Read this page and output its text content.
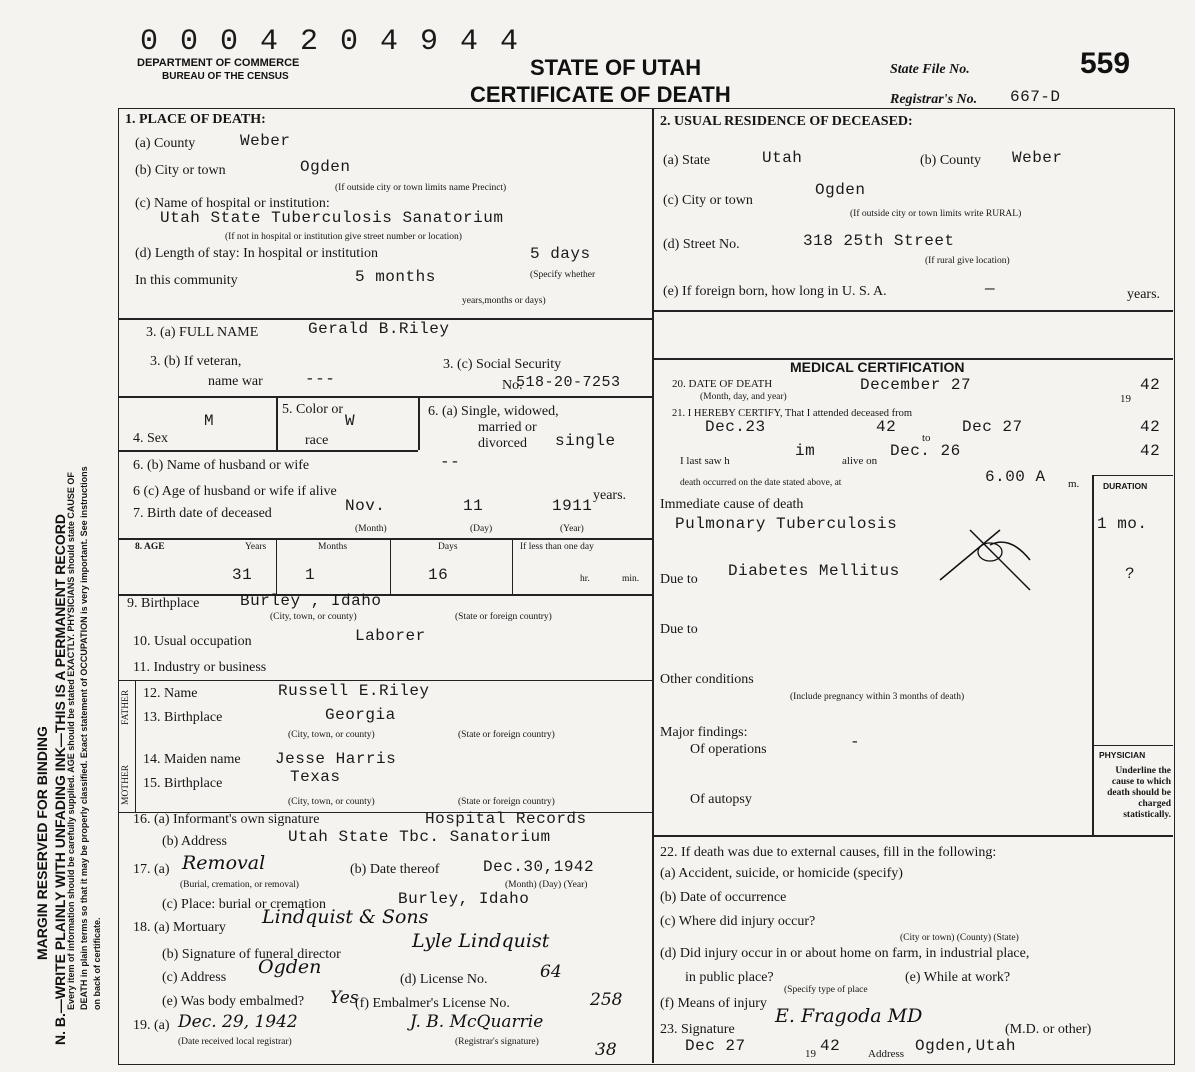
MARGIN RESERVED FOR BINDING N. B.—WRITE PLAINLY WITH UNFADING INK—THIS IS A PERMANENT RECORD
Every item of information should be carefully supplied. AGE should be stated EXACTLY. PHYSICIANS should state CAUSE OF DEATH in plain terms so that it may be properly classified. Exact statement of OCCUPATION is very important. See instructions on back of certificate.
0 0 0 4 2 0 4 9 4 4
DEPARTMENT OF COMMERCE
BUREAU OF THE CENSUS	STATE OF UTAH
CERTIFICATE OF DEATH
State File No.	559
Registrar's No. 667-D
1. PLACE OF DEATH:
(a) County	Weber
(b) City or town	Ogden
(If outside city or town limits name Precinct)
(c) Name of hospital or institution:
Utah State Tuberculosis Sanatorium
(If not in hospital or institution give street number or location)
(d) Length of stay: In hospital or institution	5 days
(Specify whether
In this community	5 months
years,months or days)
2. USUAL RESIDENCE OF DECEASED:
(a) State	Utah	(b) County Weber
Ogden
(c) City or town
(If outside city or town limits write RURAL)
(d) Street No.	318 25th Street
(If rural give location)
(e) If foreign born, how long in U. S. A.	—	years.
3. (a) FULL NAME	Gerald B.Riley
3. (b) If veteran,
name war	---
3. (c) Social Security
No.
518-20-7253
4. Sex
M
5. Color or
race
W
6. (a) Single, widowed,
married or
divorced single
6. (b) Name of husband or wife	--
6 (c) Age of husband or wife if alive	years.
7. Birth date of deceased	Nov.	11	1911
(Month)	(Day)	(Year)
8. AGE	Years	Months	Days	If less than one day
31	1	16	hr.	min.
9. Birthplace	Burley , Idaho
(City, town, or county)	(State or foreign country)
10. Usual occupation	Laborer
11. Industry or business
FATHER 12. Name	Russell E.Riley
13. Birthplace	Georgia
(City, town, or county)	(State or foreign country)
MOTHER
14. Maiden name Jesse Harris
15. Birthplace	Texas
(City, town, or county)	(State or foreign country)
16. (a) Informant's own signature	Hospital Records
(b) Address	Utah State Tbc. Sanatorium
17. (a) Removal	(b) Date thereof	Dec.30,1942
(Burial, cremation, or removal)	(Month) (Day) (Year)
(c) Place: burial or cremation	Burley, Idaho
18. (a) Mortuary Lindquist & Sons
(b) Signature of funeral director
Lyle Lindquist
(c) Address Ogden
(d) License No.	64
(e) Was body embalmed? Yes
(f) Embalmer's License No.	258
19. (a) Dec. 29, 1942	J. B. McQuarrie
(Date received local registrar)	(Registrar's signature)	38
MEDICAL CERTIFICATION
20. DATE OF DEATH
(Month, day, and year)
December 27
19
42
21. I HEREBY CERTIFY, That I attended deceased from
Dec.23	42
to
Dec 27	42
I last saw h
im
alive on
Dec. 26	42
death occurred on the date stated above, at	6.00 A m.	DURATION
Immediate cause of death
Pulmonary Tuberculosis	1 mo.
Due to Diabetes Mellitus	?
Due to
Other conditions
(Include pregnancy within 3 months of death)
Major findings:
Of operations	-
PHYSICIAN
Underline the cause to which death should be charged statistically.
Of autopsy
22. If death was due to external causes, fill in the following:
(a) Accident, suicide, or homicide (specify)
(b) Date of occurrence
(c) Where did injury occur?
(City or town) (County) (State)
(d) Did injury occur in or about home on farm, in industrial place,
in public place?
(Specify type of place
(e) While at work?
(f) Means of injury
23. Signature
E. Fragoda MD
(M.D. or other)
Dec 27	19 42	Address Ogden,Utah
